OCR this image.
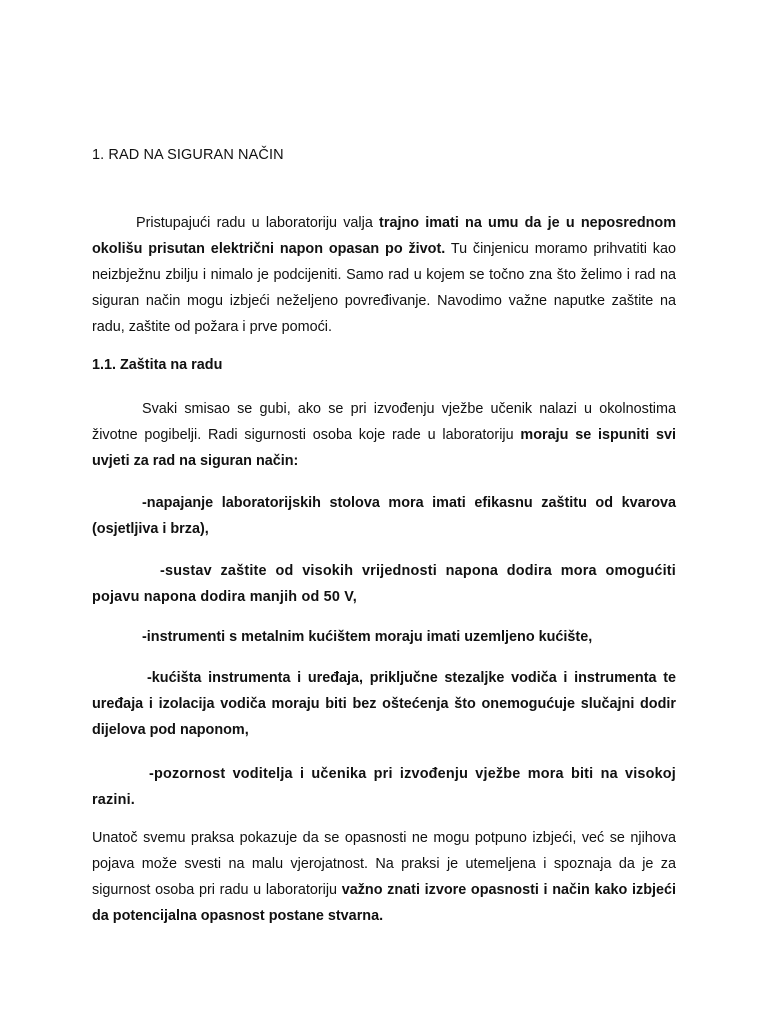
1. RAD NA SIGURAN NAČIN

Pristupajući radu u laboratoriju valja trajno imati na umu da je u neposrednom okolišu prisutan električni napon opasan po život. Tu činjenicu moramo prihvatiti kao neizbježnu zbilju i nimalo je podcijeniti. Samo rad u kojem se točno zna što želimo i rad na siguran način mogu izbjeći neželjeno povređivanje. Navodimo važne naputke zaštite na radu, zaštite od požara i prve pomoći.

1.1. Zaštita na radu

Svaki smisao se gubi, ako se pri izvođenju vježbe učenik nalazi u okolnostima životne pogibelji. Radi sigurnosti osoba koje rade u laboratoriju moraju se ispuniti svi uvjeti za rad na siguran način:

-napajanje laboratorijskih stolova mora imati efikasnu zaštitu od kvarova (osjetljiva i brza),

-sustav zaštite od visokih vrijednosti napona dodira mora omogućiti pojavu napona dodira manjih od 50 V,

-instrumenti s metalnim kućištem moraju imati uzemljeno kućište,

-kućišta instrumenta i uređaja, priključne stezaljke vodiča i instrumenta te uređaja i izolacija vodiča moraju biti bez oštećenja što onemogućuje slučajni dodir dijelova pod naponom,

-pozornost voditelja i učenika pri izvođenju vježbe mora biti na visokoj razini.

Unatoč svemu praksa pokazuje da se opasnosti ne mogu potpuno izbjeći, već se njihova pojava može svesti na malu vjerojatnost. Na praksi je utemeljena i spoznaja da je za sigurnost osoba pri radu u laboratoriju važno znati izvore opasnosti i način kako izbjeći da potencijalna opasnost postane stvarna.
